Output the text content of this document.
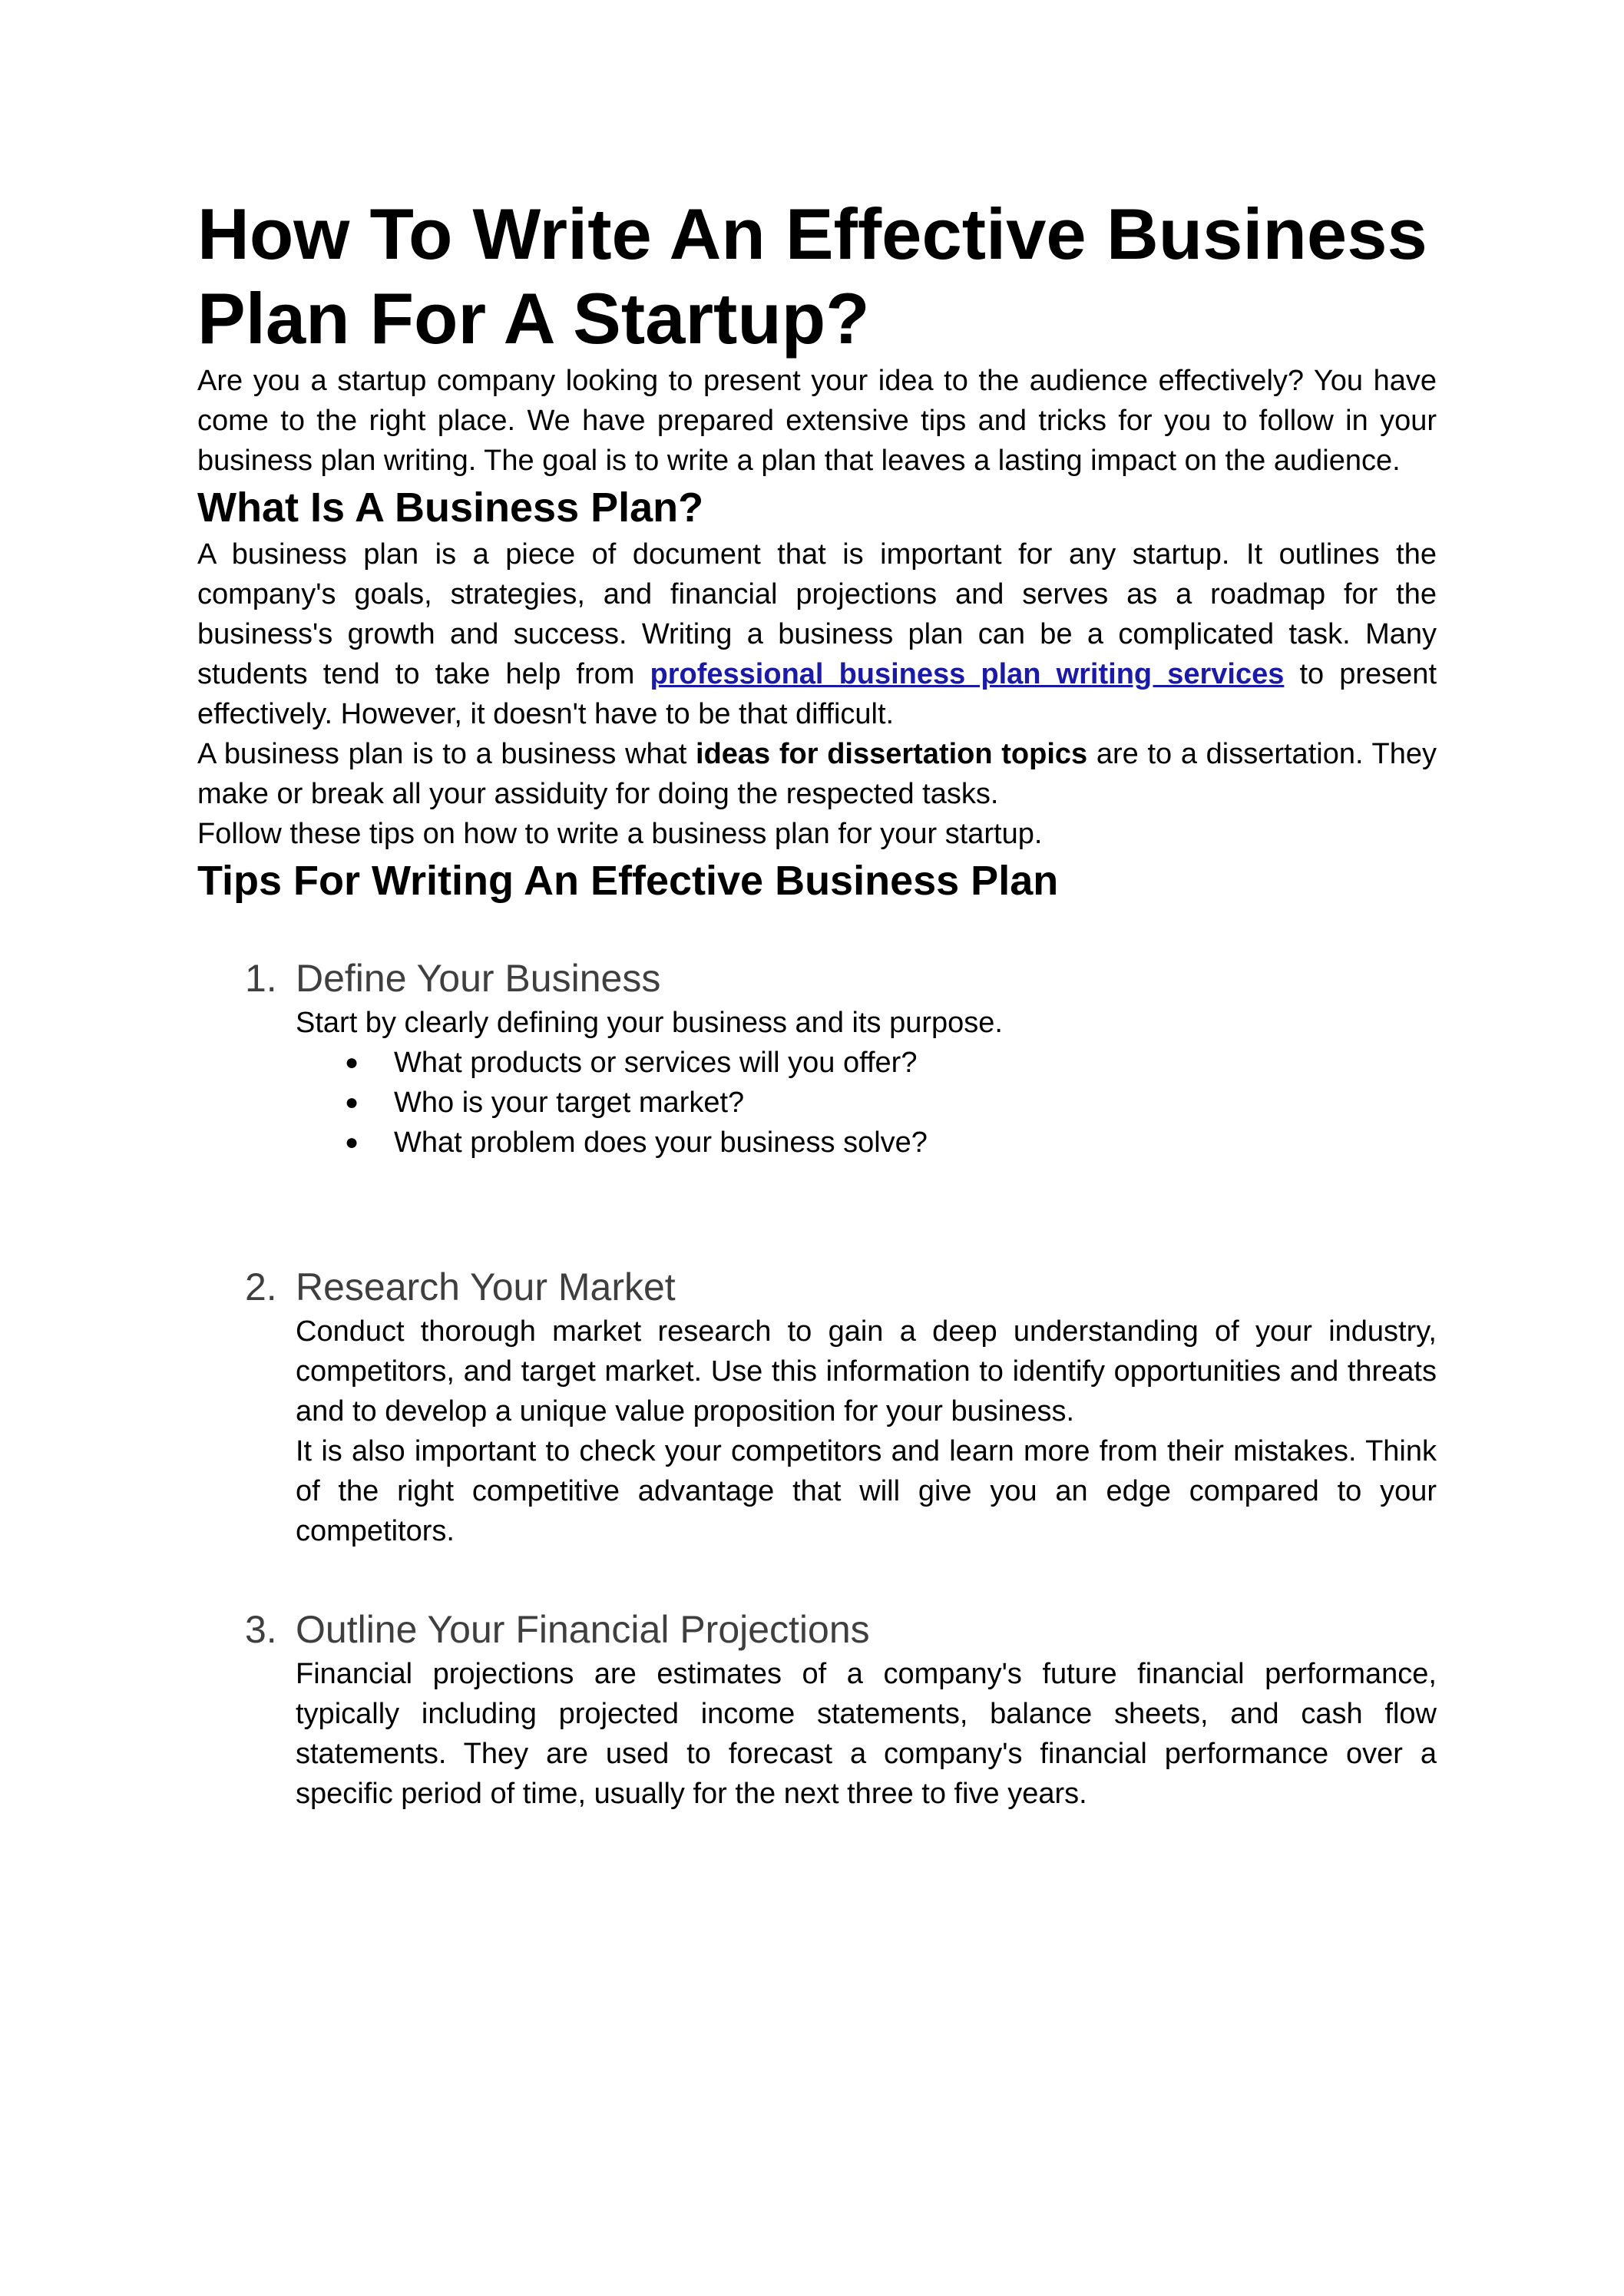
How To Write An Effective Business Plan For A Startup?

Are you a startup company looking to present your idea to the audience effectively? You have come to the right place. We have prepared extensive tips and tricks for you to follow in your business plan writing. The goal is to write a plan that leaves a lasting impact on the audience.

What Is A Business Plan?

A business plan is a piece of document that is important for any startup. It outlines the company's goals, strategies, and financial projections and serves as a roadmap for the business's growth and success. Writing a business plan can be a complicated task. Many students tend to take help from professional business plan writing services to present effectively. However, it doesn't have to be that difficult.

A business plan is to a business what ideas for dissertation topics are to a dissertation. They make or break all your assiduity for doing the respected tasks.

Follow these tips on how to write a business plan for your startup.

Tips For Writing An Effective Business Plan
1. Define Your Business

Start by clearly defining your business and its purpose.

● What products or services will you offer?
● Who is your target market?
● What problem does your business solve?
2. Research Your Market

Conduct thorough market research to gain a deep understanding of your industry, competitors, and target market. Use this information to identify opportunities and threats and to develop a unique value proposition for your business.

It is also important to check your competitors and learn more from their mistakes. Think of the right competitive advantage that will give you an edge compared to your competitors.

3. Outline Your Financial Projections

Financial projections are estimates of a company's future financial performance, typically including projected income statements, balance sheets, and cash flow statements. They are used to forecast a company's financial performance over a specific period of time, usually for the next three to five years.
